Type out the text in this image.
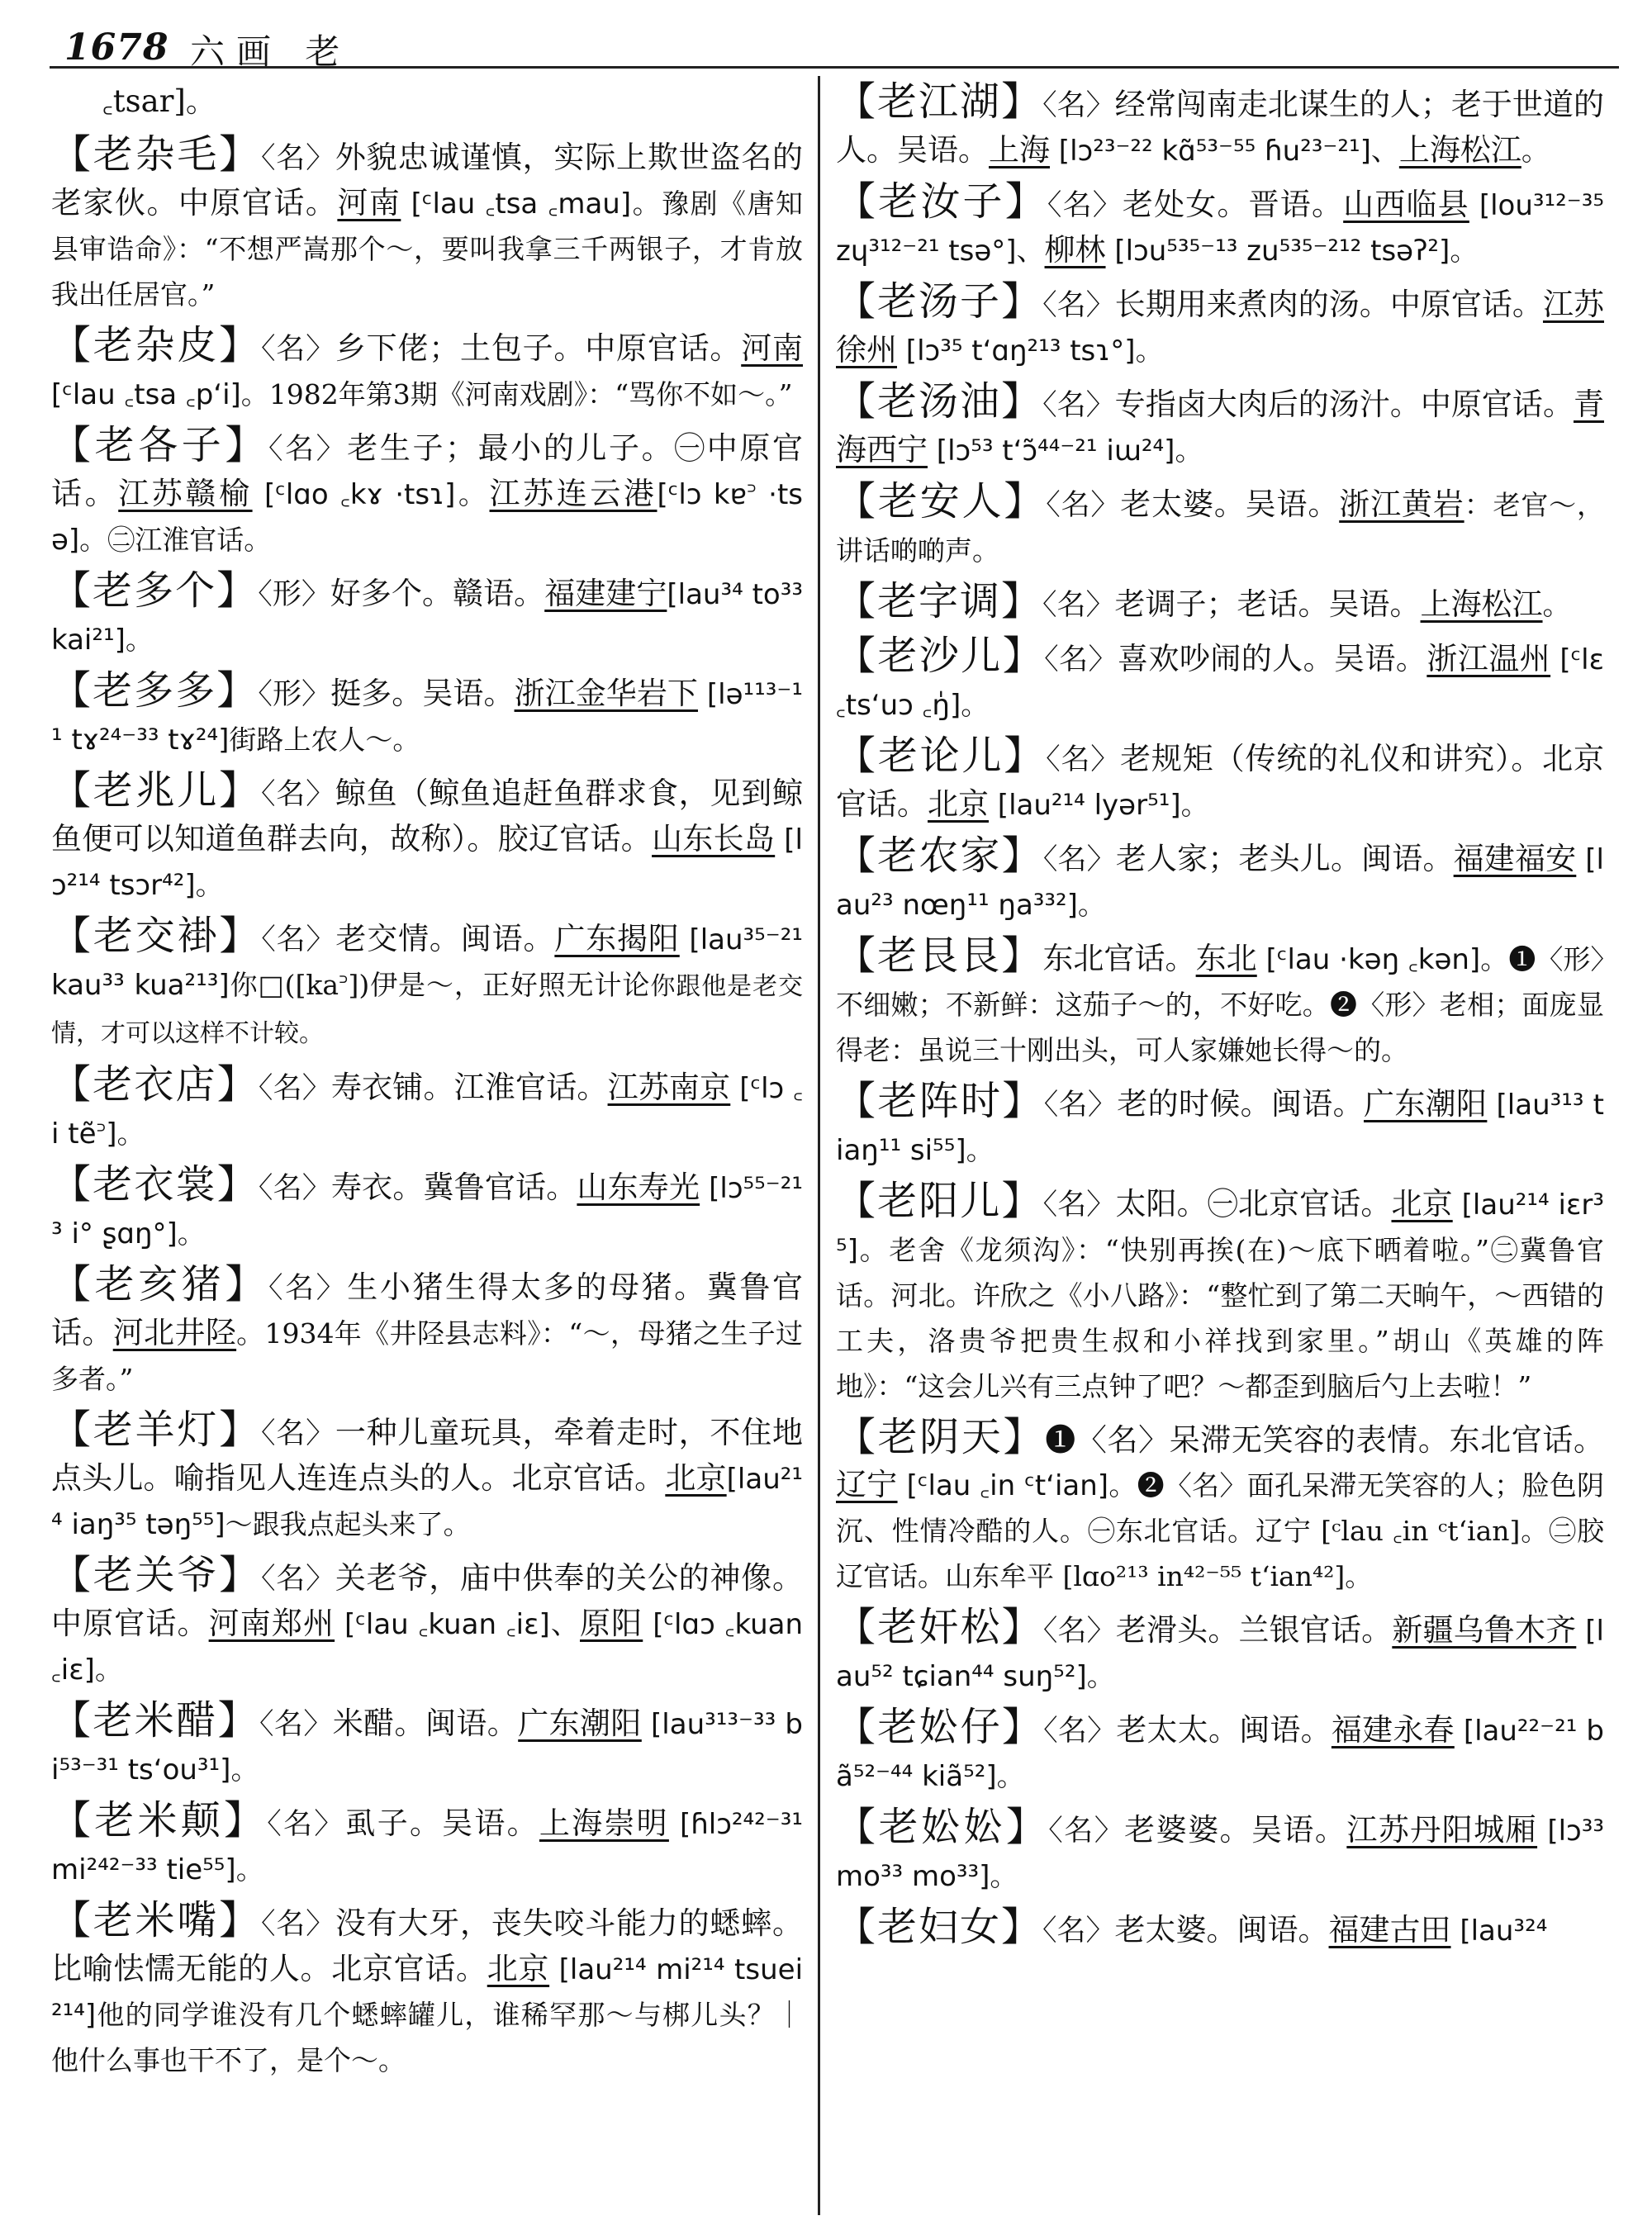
1678 六画 老
꜀tsar]。
【老杂毛】〈名〉外貌忠诚谨慎，实际上欺世盗名的老家伙。中原官话。河南 [ᶜlau ꜀tsa ꜀mau]。豫剧《唐知县审诰命》：“不想严嵩那个～，要叫我拿三千两银子，才肯放我出任居官。”
【老杂皮】〈名〉乡下佬；土包子。中原官话。河南 [ᶜlau ꜀tsa ꜀p‘i]。1982年第3期《河南戏剧》：“骂你不如～。”
【老各子】〈名〉老生子；最小的儿子。㊀中原官话。江苏赣榆 [ᶜlɑo ꜀kɤ ·tsɿ]。江苏连云港[ᶜlɔ kɐ꜄ ·tsə]。㊁江淮官话。
【老多个】〈形〉好多个。赣语。福建建宁[lau³⁴ to³³ kai²¹]。
【老多多】〈形〉挺多。吴语。浙江金华岩下 [lə¹¹³⁻¹¹ tɤ²⁴⁻³³ tɤ²⁴]街路上农人～。
【老兆儿】〈名〉鲸鱼（鲸鱼追赶鱼群求食，见到鲸鱼便可以知道鱼群去向，故称）。胶辽官话。山东长岛 [lɔ²¹⁴ tsɔr⁴²]。
【老交褂】〈名〉老交情。闽语。广东揭阳 [lau³⁵⁻²¹ kau³³ kua²¹³]你□([ka꜄])伊是～，正好照无计论你跟他是老交情，才可以这样不计较。
【老衣店】〈名〉寿衣铺。江淮官话。江苏南京 [ᶜlɔ ꜀i tẽ꜄]。
【老衣裳】〈名〉寿衣。冀鲁官话。山东寿光 [lɔ⁵⁵⁻²¹³ i° ʂɑŋ°]。
【老亥猪】〈名〉生小猪生得太多的母猪。冀鲁官话。河北井陉。1934年《井陉县志料》：“～，母猪之生子过多者。”
【老羊灯】〈名〉一种儿童玩具，牵着走时，不住地点头儿。喻指见人连连点头的人。北京官话。北京[lau²¹⁴ iaŋ³⁵ təŋ⁵⁵]～跟我点起头来了。
【老关爷】〈名〉关老爷，庙中供奉的关公的神像。中原官话。河南郑州 [ᶜlau ꜀kuan ꜀iɛ]、原阳 [ᶜlɑɔ ꜀kuan ꜀iɛ]。
【老米醋】〈名〉米醋。闽语。广东潮阳 [lau³¹³⁻³³ bi⁵³⁻³¹ ts‘ou³¹]。
【老米颠】〈名〉虱子。吴语。上海崇明 [ɦlɔ²⁴²⁻³¹ mi²⁴²⁻³³ tie⁵⁵]。
【老米嘴】〈名〉没有大牙，丧失咬斗能力的蟋蟀。比喻怯懦无能的人。北京官话。北京 [lau²¹⁴ mi²¹⁴ tsuei²¹⁴]他的同学谁没有几个蟋蟀罐儿，谁稀罕那～与梆儿头？｜他什么事也干不了，是个～。
【老江湖】〈名〉经常闯南走北谋生的人；老于世道的人。吴语。上海 [lɔ²³⁻²² kɑ̃⁵³⁻⁵⁵ ɦu²³⁻²¹]、上海松江。
【老汝子】〈名〉老处女。晋语。山西临县 [lou³¹²⁻³⁵ zɥ³¹²⁻²¹ tsə°]、柳林 [lɔu⁵³⁵⁻¹³ zu⁵³⁵⁻²¹² tsəʔ²]。
【老汤子】〈名〉长期用来煮肉的汤。中原官话。江苏徐州 [lɔ³⁵ t‘ɑŋ²¹³ tsɿ°]。
【老汤油】〈名〉专指卤大肉后的汤汁。中原官话。青海西宁 [lɔ⁵³ t‘ɔ̃⁴⁴⁻²¹ iɯ²⁴]。
【老安人】〈名〉老太婆。吴语。浙江黄岩：老官～，讲话啲啲声。
【老字调】〈名〉老调子；老话。吴语。上海松江。
【老沙儿】〈名〉喜欢吵闹的人。吴语。浙江温州 [ᶜlɛ ꜀ts‘uɔ ꜀ŋ̍]。
【老论儿】〈名〉老规矩（传统的礼仪和讲究）。北京官话。北京 [lau²¹⁴ lyər⁵¹]。
【老农家】〈名〉老人家；老头儿。闽语。福建福安 [lau²³ nœŋ¹¹ ŋa³³²]。
【老艮艮】东北官话。东北 [ᶜlau ·kəŋ ꜀kən]。❶〈形〉不细嫩；不新鲜：这茄子～的，不好吃。❷〈形〉老相；面庞显得老：虽说三十刚出头，可人家嫌她长得～的。
【老阵时】〈名〉老的时候。闽语。广东潮阳 [lau³¹³ tiaŋ¹¹ si⁵⁵]。
【老阳儿】〈名〉太阳。㊀北京官话。北京 [lau²¹⁴ iɛr³⁵]。老舍《龙须沟》：“快别再挨(在)～底下晒着啦。”㊁冀鲁官话。河北。许欣之《小八路》：“整忙到了第二天晌午，～西错的工夫，洛贵爷把贵生叔和小祥找到家里。”胡山《英雄的阵地》：“这会儿兴有三点钟了吧？～都歪到脑后勺上去啦！”
【老阴天】❶〈名〉呆滞无笑容的表情。东北官话。辽宁 [ᶜlau ꜀in ᶜt‘ian]。❷〈名〉面孔呆滞无笑容的人；脸色阴沉、性情冷酷的人。㊀东北官话。辽宁 [ᶜlau ꜀in ᶜt‘ian]。㊁胶辽官话。山东牟平 [lɑo²¹³ in⁴²⁻⁵⁵ t‘ian⁴²]。
【老奸松】〈名〉老滑头。兰银官话。新疆乌鲁木齐 [lau⁵² tɕian⁴⁴ suŋ⁵²]。
【老妐仔】〈名〉老太太。闽语。福建永春 [lau²²⁻²¹ bã⁵²⁻⁴⁴ kiã⁵²]。
【老妐妐】〈名〉老婆婆。吴语。江苏丹阳城厢 [lɔ³³ mo³³ mo³³]。
【老妇女】〈名〉老太婆。闽语。福建古田 [lau³²⁴
